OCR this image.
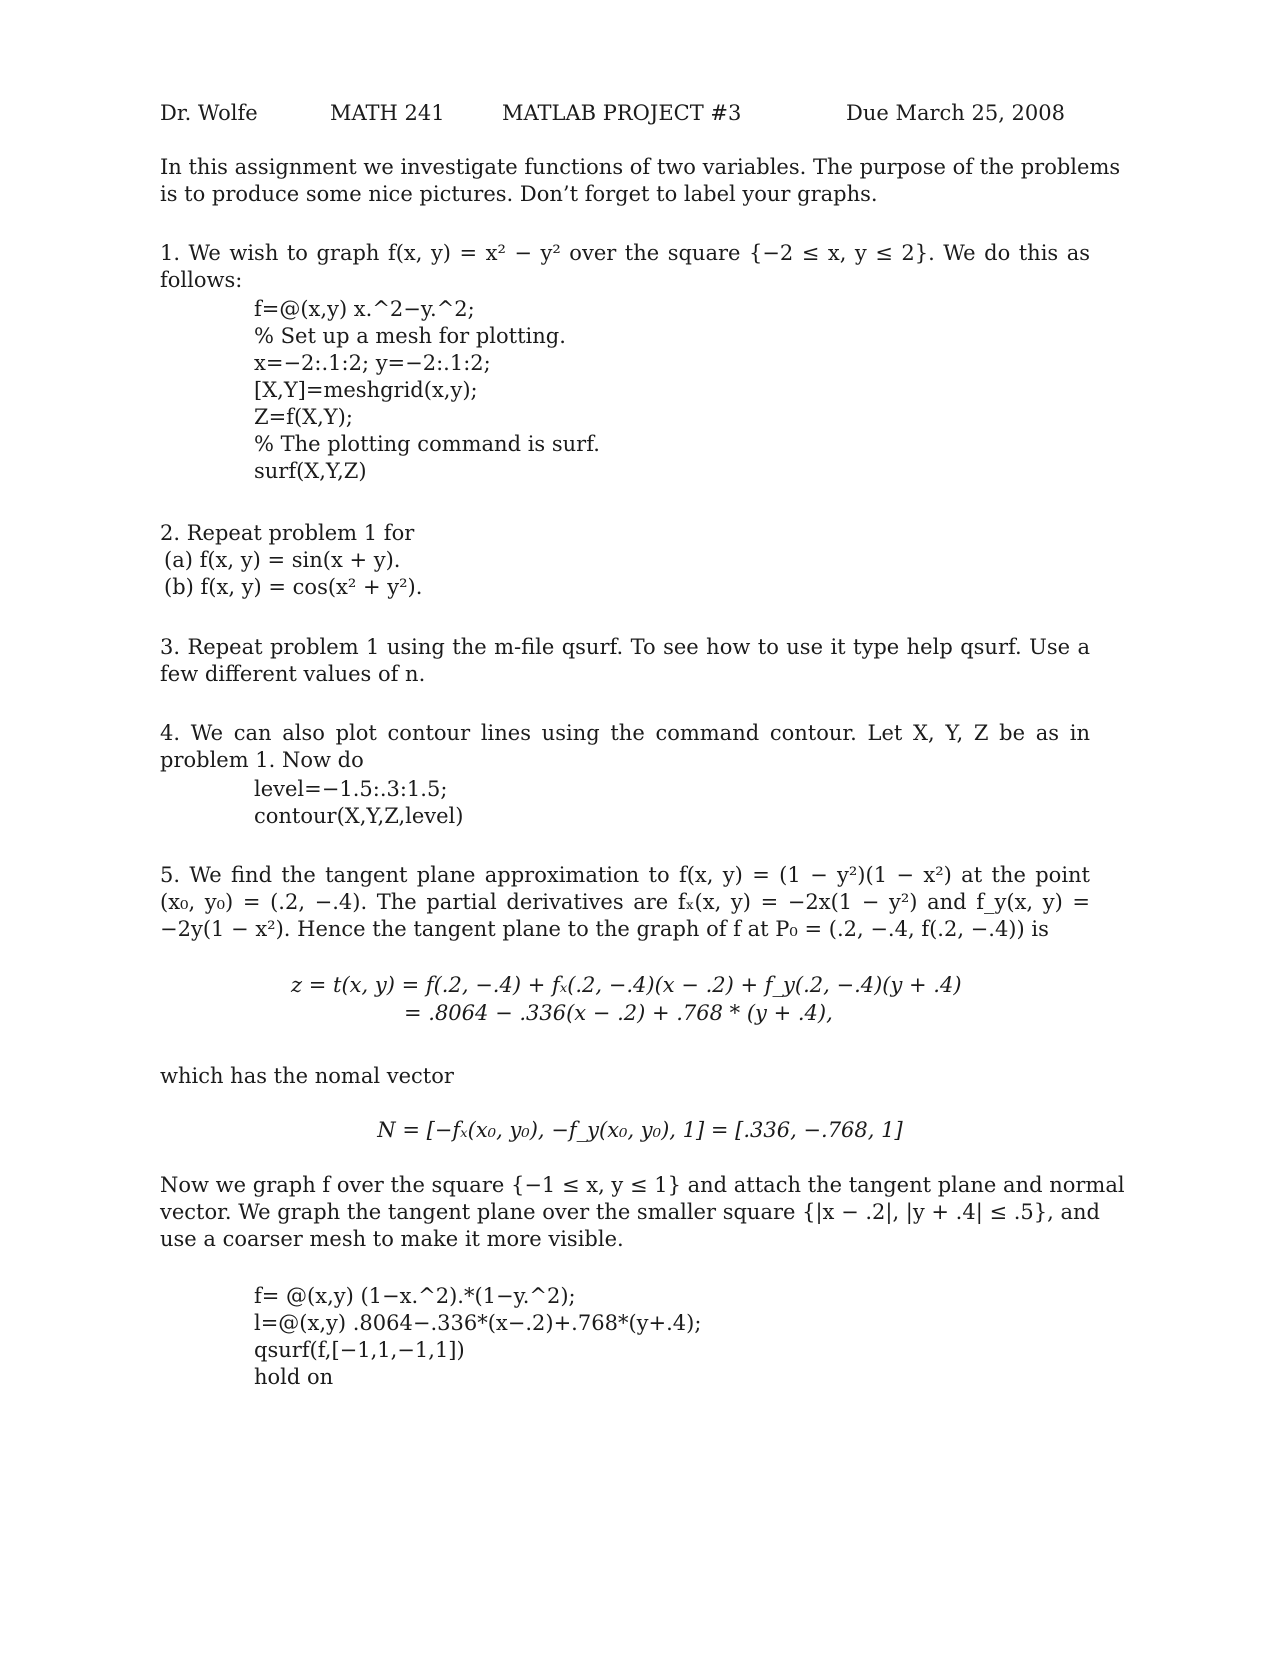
Dr. Wolfe	MATH 241	MATLAB PROJECT #3	Due March 25, 2008
In this assignment we investigate functions of two variables. The purpose of the problems
is to produce some nice pictures. Don’t forget to label your graphs.
1. We wish to graph f(x, y) = x² − y² over the square {−2 ≤ x, y ≤ 2}. We do this as
follows:
f=@(x,y) x.^2−y.^2;
% Set up a mesh for plotting.
x=−2:.1:2; y=−2:.1:2;
[X,Y]=meshgrid(x,y);
Z=f(X,Y);
% The plotting command is surf.
surf(X,Y,Z)
2. Repeat problem 1 for
(a) f(x, y) = sin(x + y).
(b) f(x, y) = cos(x² + y²).
3. Repeat problem 1 using the m-file qsurf. To see how to use it type help qsurf. Use a
few different values of n.
4. We can also plot contour lines using the command contour. Let X, Y, Z be as in
problem 1. Now do
level=−1.5:.3:1.5;
contour(X,Y,Z,level)
5. We find the tangent plane approximation to f(x, y) = (1 − y²)(1 − x²) at the point
(x₀, y₀) = (.2, −.4). The partial derivatives are fₓ(x, y) = −2x(1 − y²) and f_y(x, y) =
−2y(1 − x²). Hence the tangent plane to the graph of f at P₀ = (.2, −.4, f(.2, −.4)) is
z = t(x, y) = f(.2, −.4) + fₓ(.2, −.4)(x − .2) + f_y(.2, −.4)(y + .4)
= .8064 − .336(x − .2) + .768 * (y + .4),
which has the nomal vector
N = [−fₓ(x₀, y₀), −f_y(x₀, y₀), 1] = [.336, −.768, 1]
Now we graph f over the square {−1 ≤ x, y ≤ 1} and attach the tangent plane and normal
vector. We graph the tangent plane over the smaller square {|x − .2|, |y + .4| ≤ .5}, and
use a coarser mesh to make it more visible.
f= @(x,y) (1−x.^2).*(1−y.^2);
l=@(x,y) .8064−.336*(x−.2)+.768*(y+.4);
qsurf(f,[−1,1,−1,1])
hold on
